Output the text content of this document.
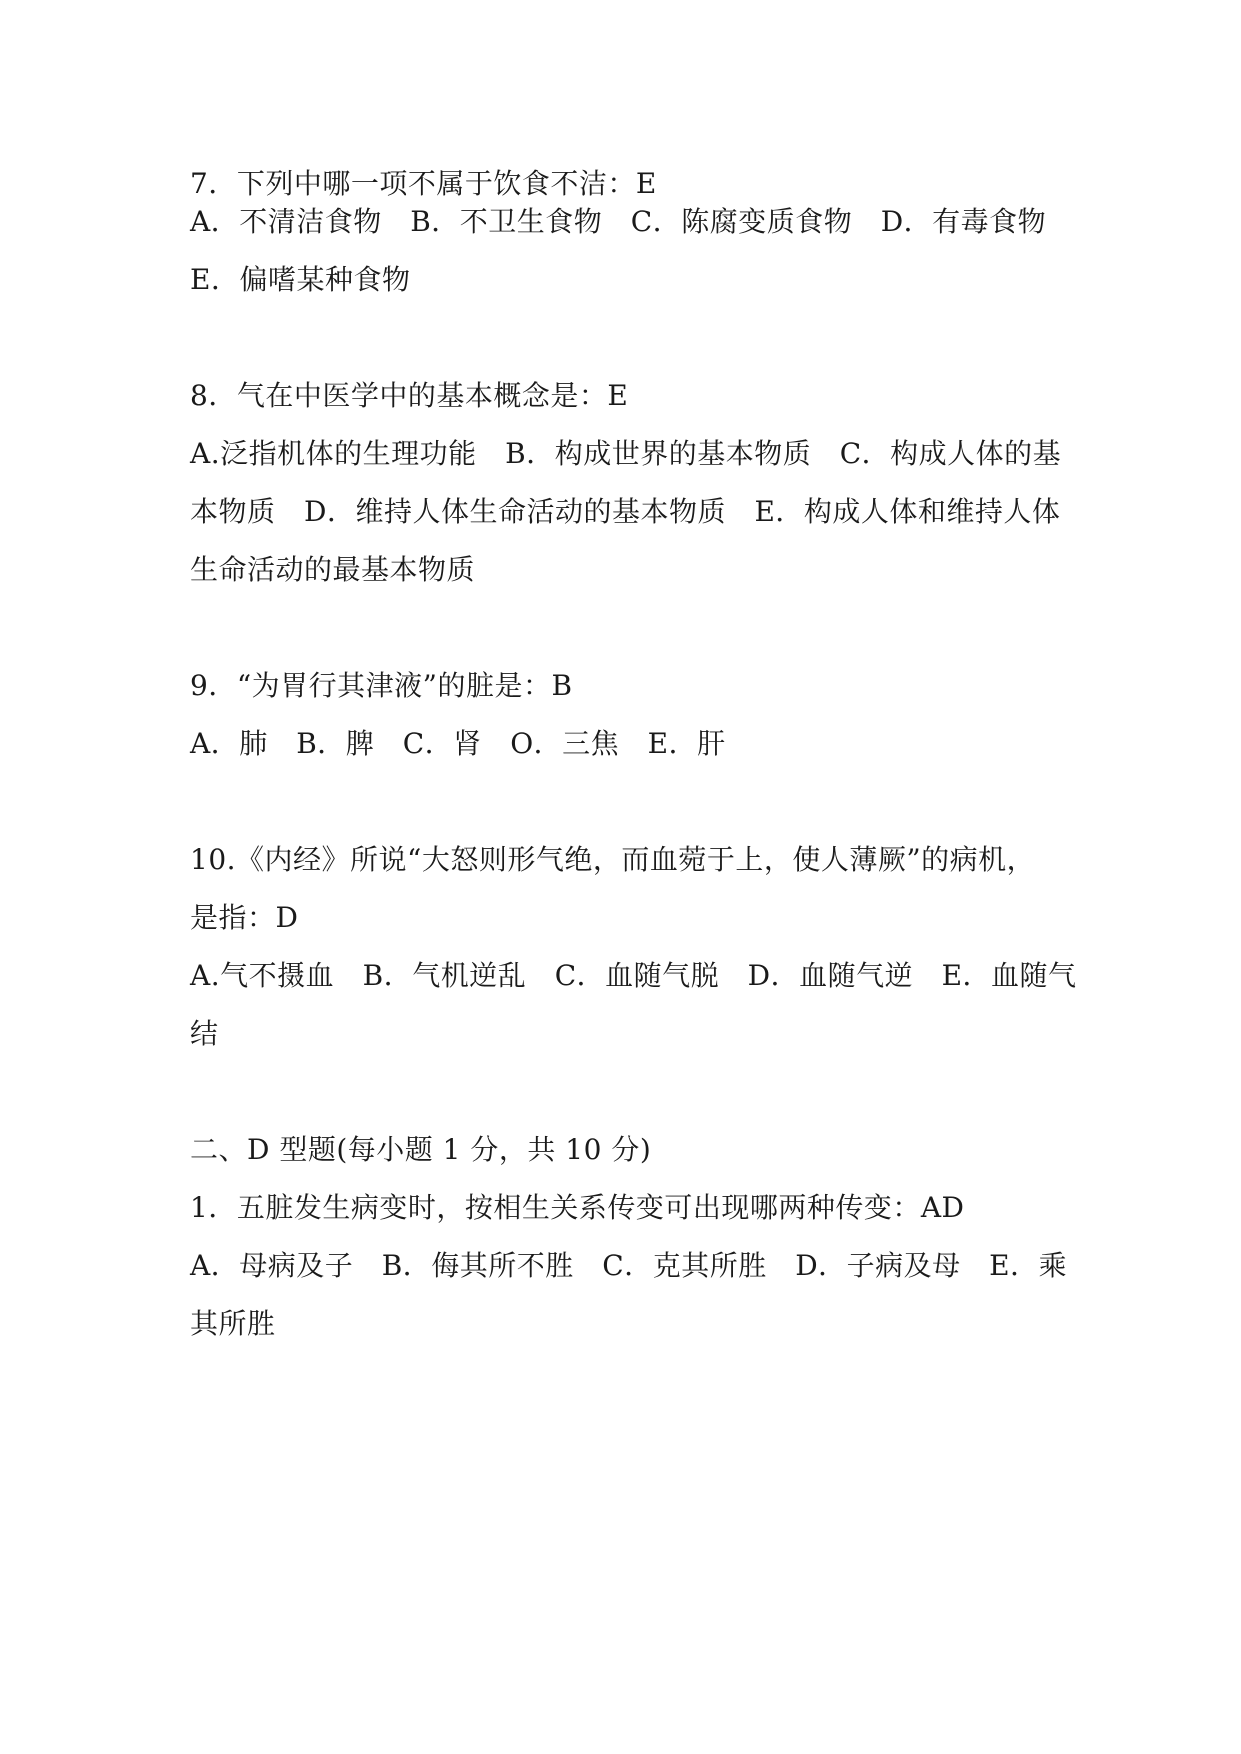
7．下列中哪一项不属于饮食不洁：E
A．不清洁食物　B．不卫生食物　C．陈腐变质食物　D．有毒食物
E．偏嗜某种食物
8．气在中医学中的基本概念是：E
A.泛指机体的生理功能　B．构成世界的基本物质　C．构成人体的基
本物质　D．维持人体生命活动的基本物质　E．构成人体和维持人体
生命活动的最基本物质
9．“为胃行其津液”的脏是：B
A．肺　B．脾　C．肾　O．三焦　E．肝
10.《内经》所说“大怒则形气绝，而血菀于上，使人薄厥”的病机，
是指：D
A.气不摄血　B．气机逆乱　C．血随气脱　D．血随气逆　E．血随气
结
二、D 型题(每小题 1 分，共 10 分)
1．五脏发生病变时，按相生关系传变可出现哪两种传变：AD
A．母病及子　B．侮其所不胜　C．克其所胜　D．子病及母　E．乘
其所胜
